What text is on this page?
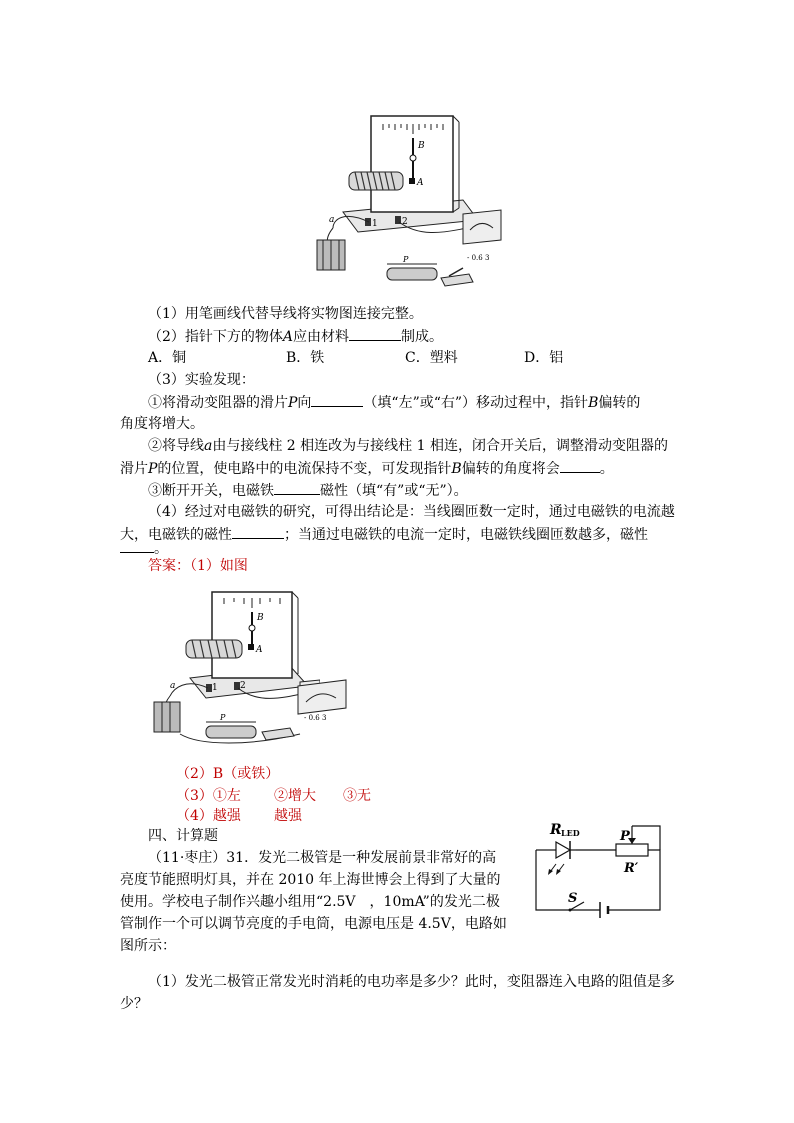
B
A
1	2
a
- 0.6 3
P
（1）用笔画线代替导线将实物图连接完整。
（2）指针下方的物体A应由材料	制成。
A．铜	B．铁	C．塑料	D．铝
（3）实验发现：
①将滑动变阻器的滑片P向	（填“左”或“右”）移动过程中，指针B偏转的
角度将增大。
②将导线a由与接线柱 2 相连改为与接线柱 1 相连，闭合开关后，调整滑动变阻器的
滑片P的位置，使电路中的电流保持不变，可发现指针B偏转的角度将会	。
③断开开关，电磁铁	磁性（填“有”或“无”）。
（4）经过对电磁铁的研究，可得出结论是：当线圈匝数一定时，通过电磁铁的电流越
大，电磁铁的磁性	；当通过电磁铁的电流一定时，电磁铁线圈匝数越多，磁性
。
答案：（1）如图
B
A
1 2
a
P	- 0.6 3
（2）B（或铁）
（3）①左 ②增大 ③无
（4）越强 越强
四、计算题
（11·枣庄）31．发光二极管是一种发展前景非常好的高
亮度节能照明灯具，并在 2010 年上海世博会上得到了大量的
使用。学校电子制作兴趣小组用“2.5V　，10mA”的发光二极
管制作一个可以调节亮度的手电筒，电源电压是 4.5V，电路如
图所示：
R LED	P
R′
S
（1）发光二极管正常发光时消耗的电功率是多少？此时，变阻器连入电路的阻值是多
少？
